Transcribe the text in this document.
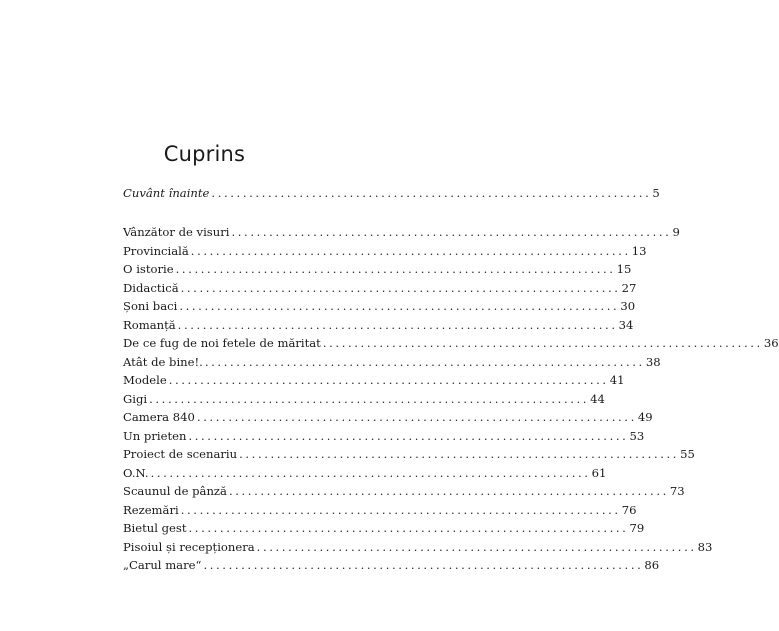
Cuprins
Cuvânt înainte ...................................................................... 5
Vânzător de visuri ...................................................................... 9
Provincială ...................................................................... 13
O istorie ...................................................................... 15
Didactică ...................................................................... 27
Șoni baci ...................................................................... 30
Romanță ...................................................................... 34
De ce fug de noi fetele de măritat ...................................................................... 36
Atât de bine!. ...................................................................... 38
Modele ...................................................................... 41
Gigi ...................................................................... 44
Camera 840 ...................................................................... 49
Un prieten ...................................................................... 53
Proiect de scenariu ...................................................................... 55
O.N. ...................................................................... 61
Scaunul de pânză ...................................................................... 73
Rezemări ...................................................................... 76
Bietul gest ...................................................................... 79
Pisoiul și recepționera ...................................................................... 83
„Carul mare“ ...................................................................... 86
